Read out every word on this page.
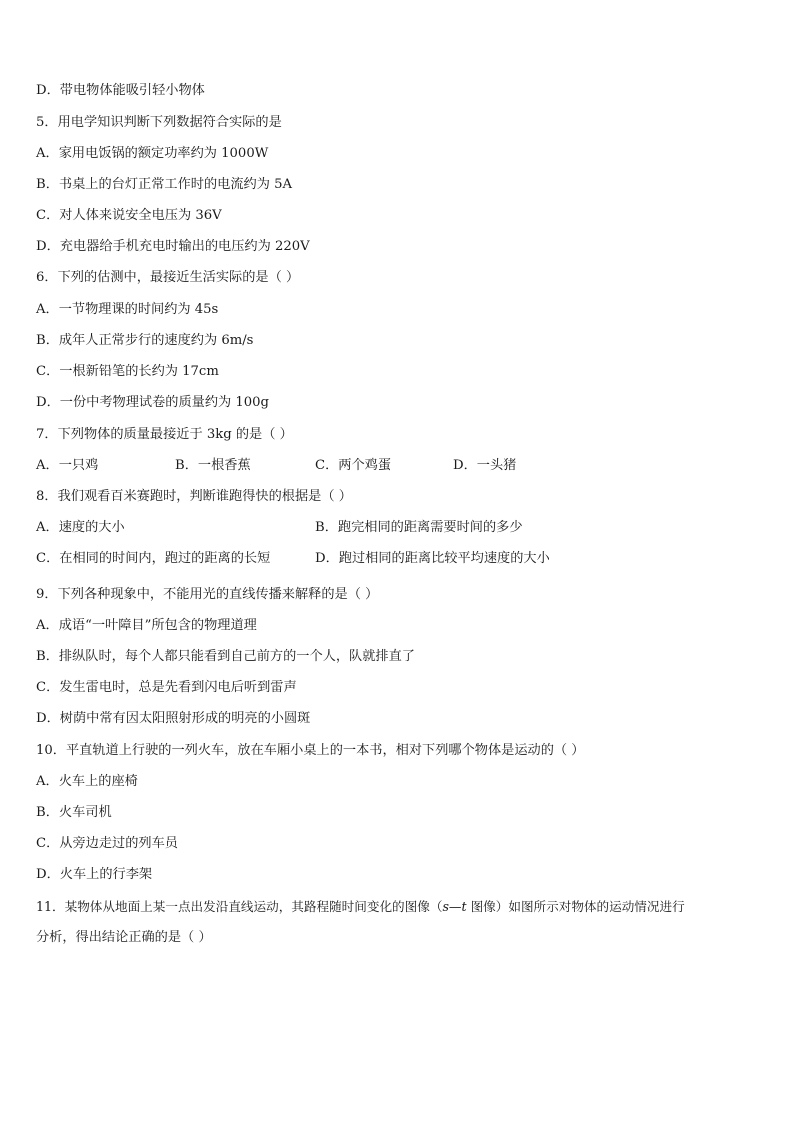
D．带电物体能吸引轻小物体
5．用电学知识判断下列数据符合实际的是
A．家用电饭锅的额定功率约为 1000W
B．书桌上的台灯正常工作时的电流约为 5A
C．对人体来说安全电压为 36V
D．充电器给手机充电时输出的电压约为 220V
6．下列的估测中，最接近生活实际的是（ ）
A．一节物理课的时间约为 45s
B．成年人正常步行的速度约为 6m/s
C．一根新铅笔的长约为 17cm
D．一份中考物理试卷的质量约为 100g
7．下列物体的质量最接近于 3kg 的是（ ）
A．一只鸡	B．一根香蕉	C．两个鸡蛋	D．一头猪
8．我们观看百米赛跑时，判断谁跑得快的根据是（ ）
A．速度的大小	B．跑完相同的距离需要时间的多少
C．在相同的时间内，跑过的距离的长短	D．跑过相同的距离比较平均速度的大小
9．下列各种现象中，不能用光的直线传播来解释的是（ ）
A．成语“一叶障目”所包含的物理道理
B．排纵队时，每个人都只能看到自己前方的一个人，队就排直了
C．发生雷电时，总是先看到闪电后听到雷声
D．树荫中常有因太阳照射形成的明亮的小圆斑
10．平直轨道上行驶的一列火车，放在车厢小桌上的一本书，相对下列哪个物体是运动的（ ）
A．火车上的座椅
B．火车司机
C．从旁边走过的列车员
D．火车上的行李架
11．某物体从地面上某一点出发沿直线运动，其路程随时间变化的图像（s—t 图像）如图所示对物体的运动情况进行
分析，得出结论正确的是（ ）
